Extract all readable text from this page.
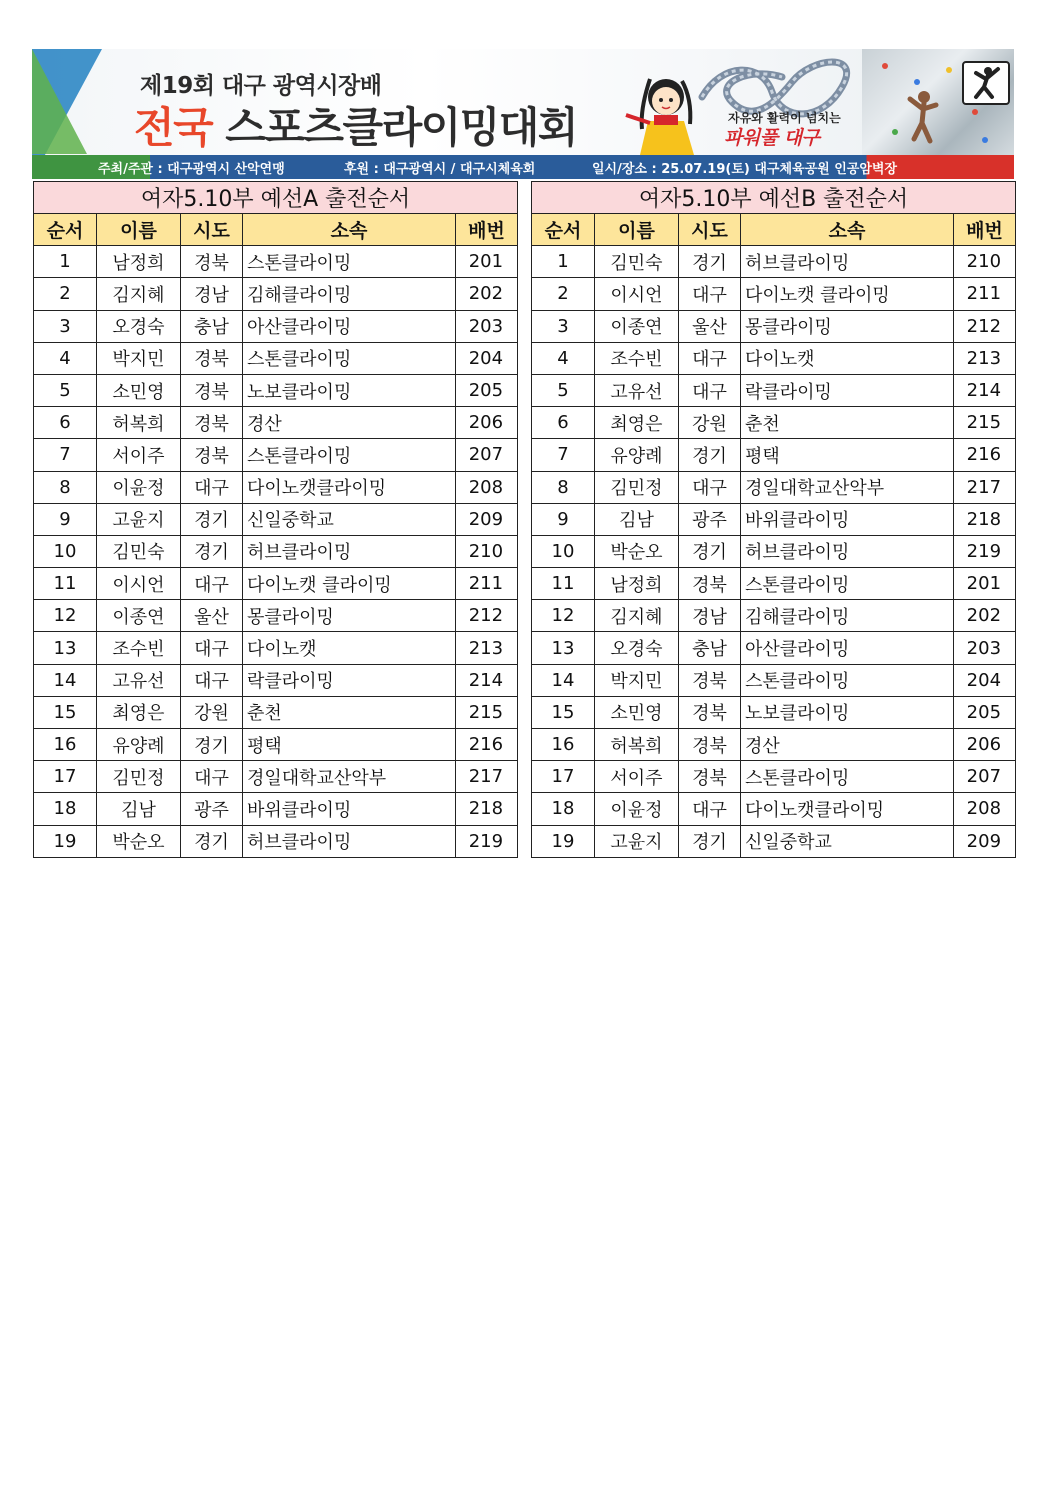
제19회 대구 광역시장배
전국 스포츠클라이밍대회	자유와 활력이 넘치는
파워풀 대구
주최/주관 : 대구광역시 산악연맹	후원 : 대구광역시 / 대구시체육회	일시/장소 : 25.07.19(토) 대구체육공원 인공암벽장
여자5.10부 예선A 출전순서				
순서	이름	시도	소속	배번
1	남정희	경북	스톤클라이밍	201
2	김지혜	경남	김해클라이밍	202
3	오경숙	충남	아산클라이밍	203
4	박지민	경북	스톤클라이밍	204
5	소민영	경북	노보클라이밍	205
6	허복희	경북	경산	206
7	서이주	경북	스톤클라이밍	207
8	이윤정	대구	다이노캣클라이밍	208
9	고윤지	경기	신일중학교	209
10	김민숙	경기	허브클라이밍	210
11	이시언	대구	다이노캣 클라이밍	211
12	이종연	울산	몽클라이밍	212
13	조수빈	대구	다이노캣	213
14	고유선	대구	락클라이밍	214
15	최영은	강원	춘천	215
16	유양례	경기	평택	216
17	김민정	대구	경일대학교산악부	217
18	김남	광주	바위클라이밍	218
19	박순오	경기	허브클라이밍	219
여자5.10부 예선B 출전순서				
순서	이름	시도	소속	배번
1	김민숙	경기	허브클라이밍	210
2	이시언	대구	다이노캣 클라이밍	211
3	이종연	울산	몽클라이밍	212
4	조수빈	대구	다이노캣	213
5	고유선	대구	락클라이밍	214
6	최영은	강원	춘천	215
7	유양례	경기	평택	216
8	김민정	대구	경일대학교산악부	217
9	김남	광주	바위클라이밍	218
10	박순오	경기	허브클라이밍	219
11	남정희	경북	스톤클라이밍	201
12	김지혜	경남	김해클라이밍	202
13	오경숙	충남	아산클라이밍	203
14	박지민	경북	스톤클라이밍	204
15	소민영	경북	노보클라이밍	205
16	허복희	경북	경산	206
17	서이주	경북	스톤클라이밍	207
18	이윤정	대구	다이노캣클라이밍	208
19	고윤지	경기	신일중학교	209
